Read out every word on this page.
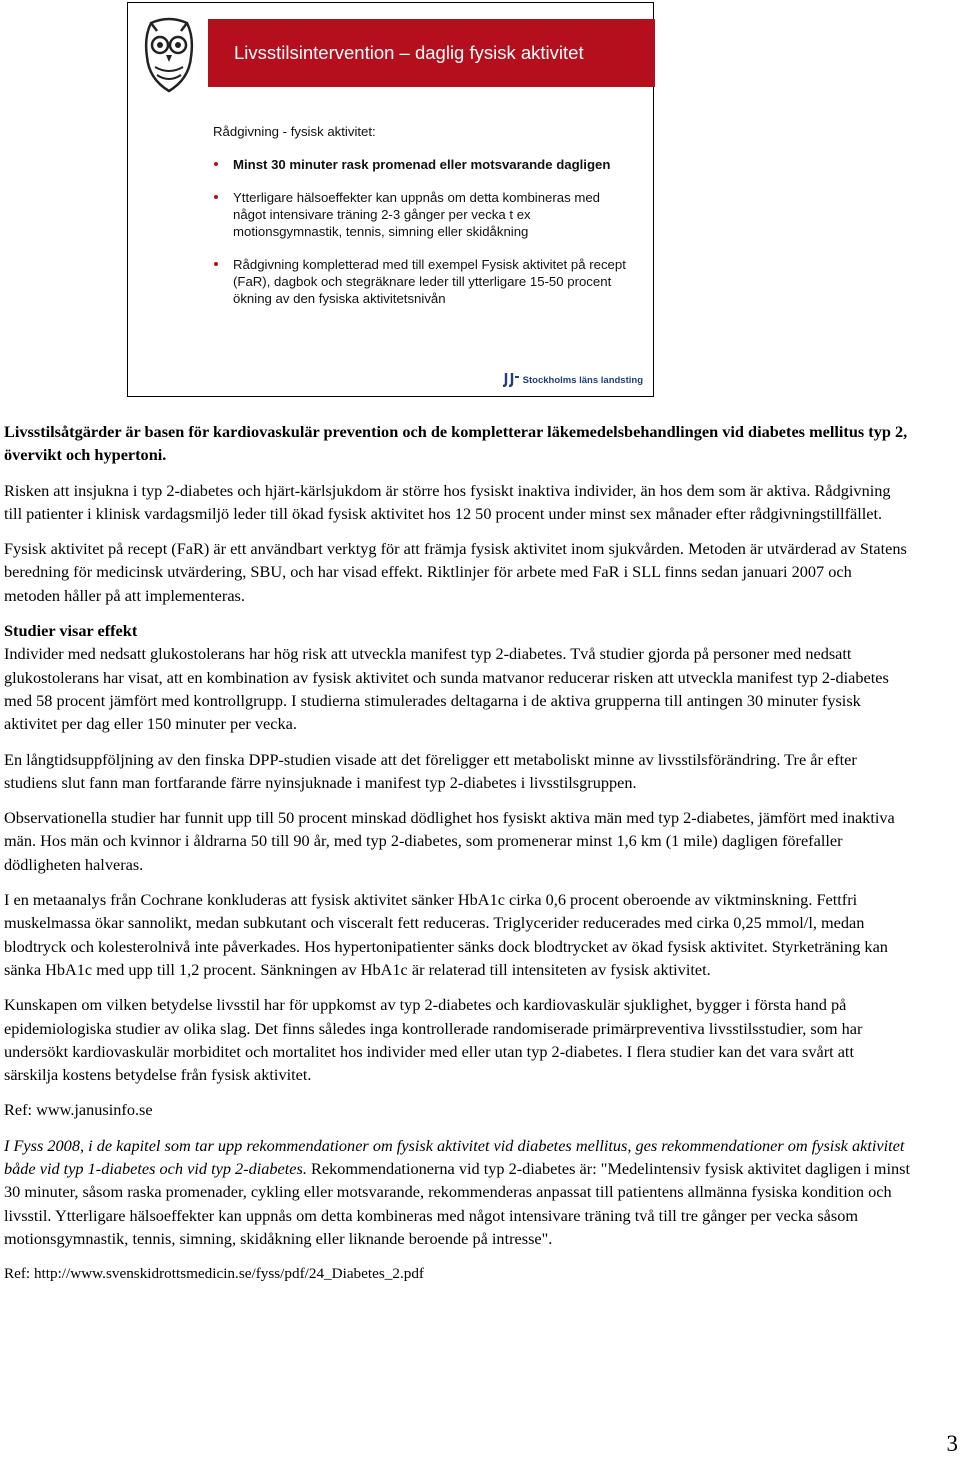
Livsstilsintervention – daglig fysisk aktivitet

Rådgivning - fysisk aktivitet:

Minst 30 minuter rask promenad eller motsvarande dagligen
Ytterligare hälsoeffekter kan uppnås om detta kombineras med något intensivare träning 2-3 gånger per vecka t ex motionsgymnastik, tennis, simning eller skidåkning
Rådgivning kompletterad med till exempel Fysisk aktivitet på recept (FaR), dagbok och stegräknare leder till ytterligare 15-50 procent ökning av den fysiska aktivitetsnivån
Stockholms läns landsting

Livsstilsåtgärder är basen för kardiovaskulär prevention och de kompletterar läkemedelsbehandlingen vid diabetes mellitus typ 2, övervikt och hypertoni.

Risken att insjukna i typ 2-diabetes och hjärt-kärlsjukdom är större hos fysiskt inaktiva individer, än hos dem som är aktiva. Rådgivning till patienter i klinisk vardagsmiljö leder till ökad fysisk aktivitet hos 12 50 procent under minst sex månader efter rådgivningstillfället.

Fysisk aktivitet på recept (FaR) är ett användbart verktyg för att främja fysisk aktivitet inom sjukvården. Metoden är utvärderad av Statens beredning för medicinsk utvärdering, SBU, och har visad effekt. Riktlinjer för arbete med FaR i SLL finns sedan januari 2007 och metoden håller på att implementeras.

Studier visar effekt

Individer med nedsatt glukostolerans har hög risk att utveckla manifest typ 2-diabetes. Två studier gjorda på personer med nedsatt glukostolerans har visat, att en kombination av fysisk aktivitet och sunda matvanor reducerar risken att utveckla manifest typ 2-diabetes med 58 procent jämfört med kontrollgrupp. I studierna stimulerades deltagarna i de aktiva grupperna till antingen 30 minuter fysisk aktivitet per dag eller 150 minuter per vecka.

En långtidsuppföljning av den finska DPP-studien visade att det föreligger ett metaboliskt minne av livsstilsförändring. Tre år efter studiens slut fann man fortfarande färre nyinsjuknade i manifest typ 2-diabetes i livsstilsgruppen.

Observationella studier har funnit upp till 50 procent minskad dödlighet hos fysiskt aktiva män med typ 2-diabetes, jämfört med inaktiva män. Hos män och kvinnor i åldrarna 50 till 90 år, med typ 2-diabetes, som promenerar minst 1,6 km (1 mile) dagligen förefaller dödligheten halveras.

I en metaanalys från Cochrane konkluderas att fysisk aktivitet sänker HbA1c cirka 0,6 procent oberoende av viktminskning. Fettfri muskelmassa ökar sannolikt, medan subkutant och visceralt fett reduceras. Triglycerider reducerades med cirka 0,25 mmol/l, medan blodtryck och kolesterolnivå inte påverkades. Hos hypertonipatienter sänks dock blodtrycket av ökad fysisk aktivitet. Styrketräning kan sänka HbA1c med upp till 1,2 procent. Sänkningen av HbA1c är relaterad till intensiteten av fysisk aktivitet.

Kunskapen om vilken betydelse livsstil har för uppkomst av typ 2-diabetes och kardiovaskulär sjuklighet, bygger i första hand på epidemiologiska studier av olika slag. Det finns således inga kontrollerade randomiserade primärpreventiva livsstilsstudier, som har undersökt kardiovaskulär morbiditet och mortalitet hos individer med eller utan typ 2-diabetes. I flera studier kan det vara svårt att särskilja kostens betydelse från fysisk aktivitet.

Ref: www.janusinfo.se

I Fyss 2008, i de kapitel som tar upp rekommendationer om fysisk aktivitet vid diabetes mellitus, ges rekommendationer om fysisk aktivitet både vid typ 1-diabetes och vid typ 2-diabetes. Rekommendationerna vid typ 2-diabetes är: "Medelintensiv fysisk aktivitet dagligen i minst 30 minuter, såsom raska promenader, cykling eller motsvarande, rekommenderas anpassat till patientens allmänna fysiska kondition och livsstil. Ytterligare hälsoeffekter kan uppnås om detta kombineras med något intensivare träning två till tre gånger per vecka såsom motionsgymnastik, tennis, simning, skidåkning eller liknande beroende på intresse".

Ref: http://www.svenskidrottsmedicin.se/fyss/pdf/24_Diabetes_2.pdf

3
